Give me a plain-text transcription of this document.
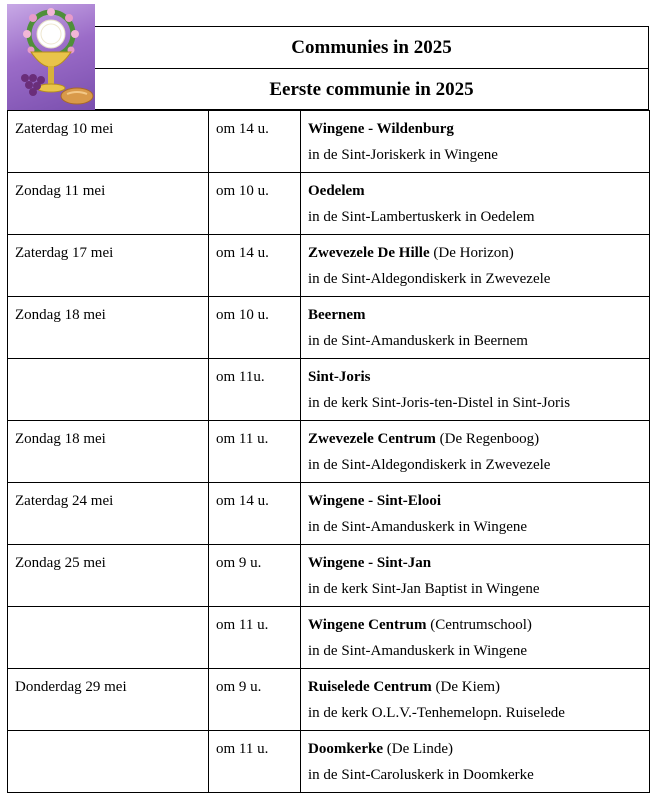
Communies in 2025
Eerste communie in 2025
Zaterdag 10 mei	om 14 u.	Wingene - Wildenburg
in de Sint-Joriskerk in Wingene

Zondag 11 mei	om 10 u.	Oedelem
in de Sint-Lambertuskerk in Oedelem

Zaterdag 17 mei	om 14 u.	Zwevezele De Hille (De Horizon)
in de Sint-Aldegondiskerk in Zwevezele

Zondag 18 mei	om 10 u.	Beernem
in de Sint-Amanduskerk in Beernem

	om 11u.	Sint-Joris
in de kerk Sint-Joris-ten-Distel in Sint-Joris

Zondag 18 mei	om 11 u.	Zwevezele Centrum (De Regenboog)
in de Sint-Aldegondiskerk in Zwevezele

Zaterdag 24 mei	om 14 u.	Wingene - Sint-Elooi
in de Sint-Amanduskerk in Wingene

Zondag 25 mei	om 9 u.	Wingene - Sint-Jan
in de kerk Sint-Jan Baptist in Wingene

	om 11 u.	Wingene Centrum (Centrumschool)
in de Sint-Amanduskerk in Wingene

Donderdag 29 mei	om 9 u.	Ruiselede Centrum (De Kiem)
in de kerk O.L.V.-Tenhemelopn. Ruiselede

	om 11 u.	Doomkerke (De Linde)
in de Sint-Caroluskerk in Doomkerke
